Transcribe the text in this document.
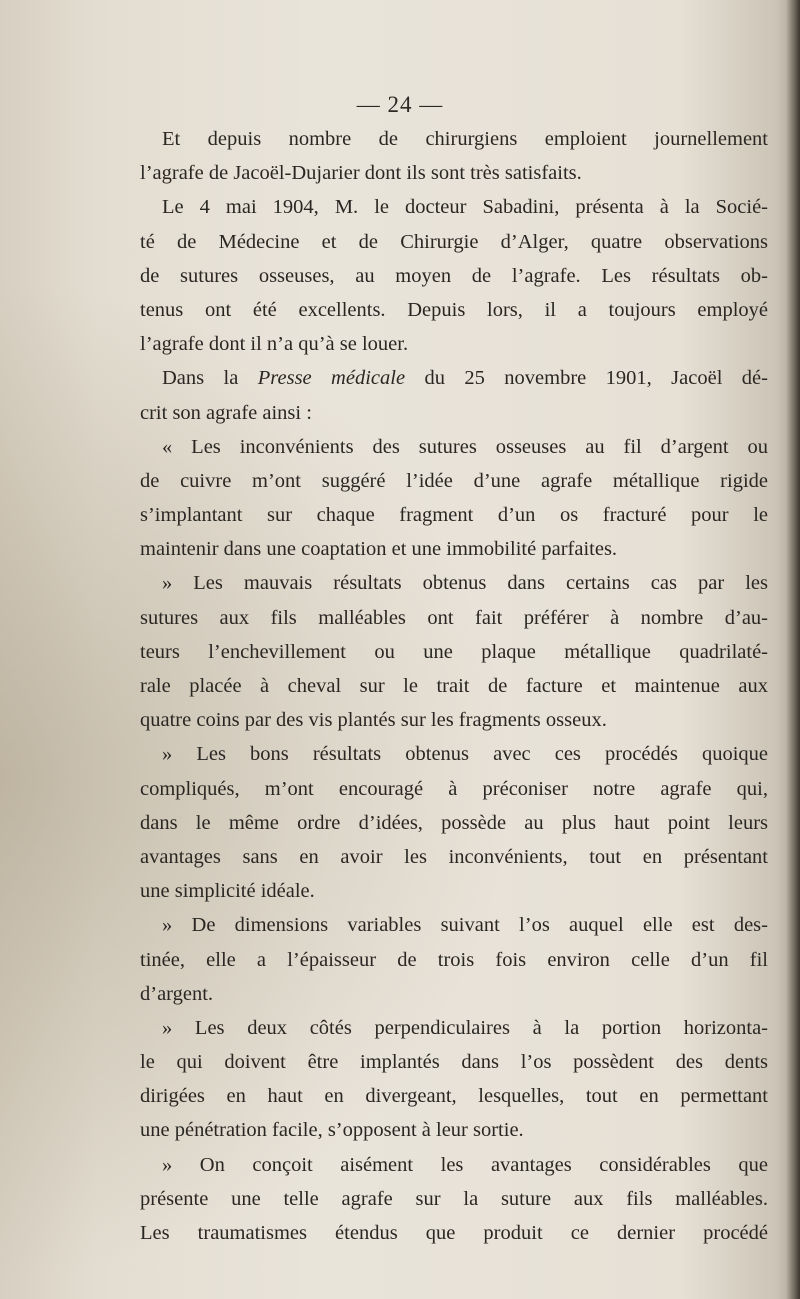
— 24 —
Et depuis nombre de chirurgiens emploient journellement
l’agrafe de Jacoël-Dujarier dont ils sont très satisfaits.
Le 4 mai 1904, M. le docteur Sabadini, présenta à la Socié-
té de Médecine et de Chirurgie d’Alger, quatre observations
de sutures osseuses, au moyen de l’agrafe. Les résultats ob-
tenus ont été excellents. Depuis lors, il a toujours employé
l’agrafe dont il n’a qu’à se louer.
Dans la Presse médicale du 25 novembre 1901, Jacoël dé-
crit son agrafe ainsi :
« Les inconvénients des sutures osseuses au fil d’argent ou
de cuivre m’ont suggéré l’idée d’une agrafe métallique rigide
s’implantant sur chaque fragment d’un os fracturé pour le
maintenir dans une coaptation et une immobilité parfaites.
» Les mauvais résultats obtenus dans certains cas par les
sutures aux fils malléables ont fait préférer à nombre d’au-
teurs l’enchevillement ou une plaque métallique quadrilaté-
rale placée à cheval sur le trait de facture et maintenue aux
quatre coins par des vis plantés sur les fragments osseux.
» Les bons résultats obtenus avec ces procédés quoique
compliqués, m’ont encouragé à préconiser notre agrafe qui,
dans le même ordre d’idées, possède au plus haut point leurs
avantages sans en avoir les inconvénients, tout en présentant
une simplicité idéale.
» De dimensions variables suivant l’os auquel elle est des-
tinée, elle a l’épaisseur de trois fois environ celle d’un fil
d’argent.
» Les deux côtés perpendiculaires à la portion horizonta-
le qui doivent être implantés dans l’os possèdent des dents
dirigées en haut en divergeant, lesquelles, tout en permettant
une pénétration facile, s’opposent à leur sortie.
» On conçoit aisément les avantages considérables que
présente une telle agrafe sur la suture aux fils malléables.
Les traumatismes étendus que produit ce dernier procédé
